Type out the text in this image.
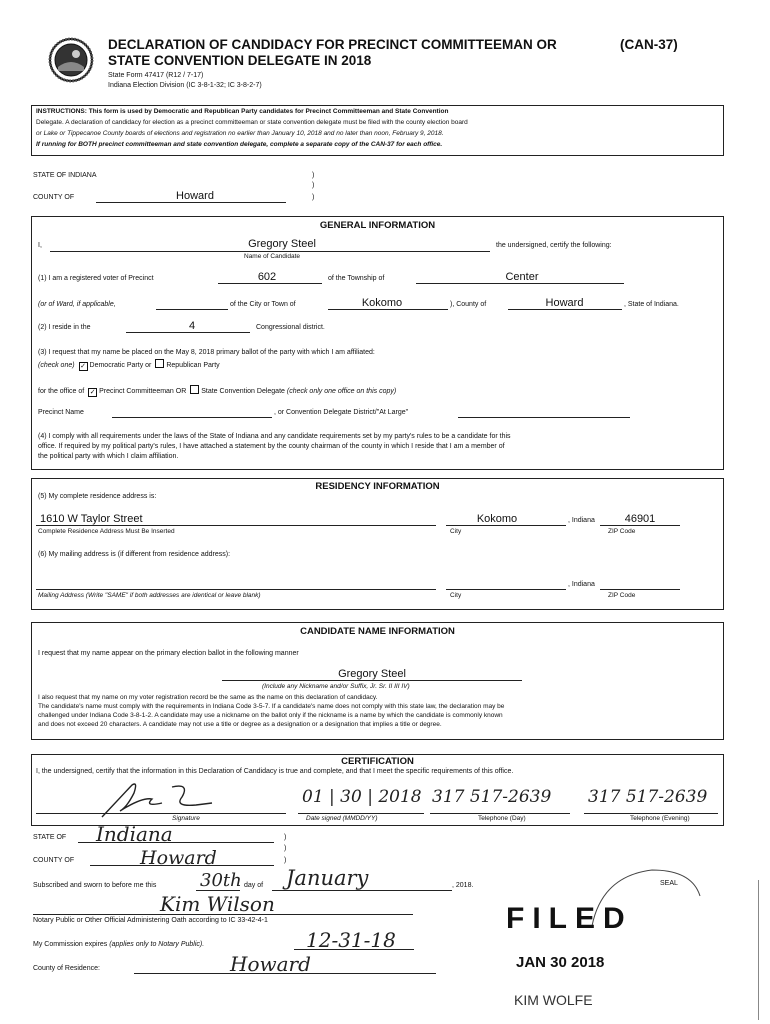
DECLARATION OF CANDIDACY FOR PRECINCT COMMITTEEMAN OR
STATE CONVENTION DELEGATE IN 2018
(CAN-37)
State Form 47417 (R12 / 7-17)
Indiana Election Division (IC 3-8-1-32; IC 3-8-2-7)
INSTRUCTIONS: This form is used by Democratic and Republican Party candidates for Precinct Committeeman and State Convention
Delegate. A declaration of candidacy for election as a precinct committeeman or state convention delegate must be filed with the county election board
or Lake or Tippecanoe County boards of elections and registration no earlier than January 10, 2018 and no later than noon, February 9, 2018.
If running for BOTH precinct committeeman and state convention delegate, complete a separate copy of the CAN-37 for each office.
STATE OF INDIANA	)
)
COUNTY OF	Howard	)
GENERAL INFORMATION
I,	Gregory Steel	the undersigned, certify the following:
Name of Candidate
(1) I am a registered voter of Precinct	602	of the Township of	Center
(or of Ward, if applicable,	of the City or Town of	Kokomo	), County of	Howard	, State of Indiana.
(2) I reside in the	4	Congressional district.
(3) I request that my name be placed on the May 8, 2018 primary ballot of the party with which I am affiliated:
(check one) ✓ Democratic Party or Republican Party
for the office of ✓ Precinct Committeeman OR State Convention Delegate (check only one office on this copy)
Precinct Name	, or Convention Delegate District/"At Large"
(4) I comply with all requirements under the laws of the State of Indiana and any candidate requirements set by my party's rules to be a candidate for this
office. If required by my political party's rules, I have attached a statement by the county chairman of the county in which I reside that I am a member of
the political party with which I claim affiliation.
RESIDENCY INFORMATION
(5) My complete residence address is:
1610 W Taylor Street	Kokomo	, Indiana	46901
Complete Residence Address Must Be Inserted	City	ZIP Code
(6) My mailing address is (if different from residence address):
, Indiana
Mailing Address (Write "SAME" if both addresses are identical or leave blank)	City	ZIP Code
CANDIDATE NAME INFORMATION
I request that my name appear on the primary election ballot in the following manner
Gregory Steel
(Include any Nickname and/or Suffix, Jr. Sr. II III IV)
I also request that my name on my voter registration record be the same as the name on this declaration of candidacy.
The candidate's name must comply with the requirements in Indiana Code 3-5-7. If a candidate's name does not comply with this state law, the declaration may be
challenged under Indiana Code 3-8-1-2. A candidate may use a nickname on the ballot only if the nickname is a name by which the candidate is commonly known
and does not exceed 20 characters. A candidate may not use a title or degree as a designation or a designation that implies a title or degree.
CERTIFICATION
I, the undersigned, certify that the information in this Declaration of Candidacy is true and complete, and that I meet the specific requirements of this office.
Signature
01 | 30 | 2018
Date signed (MMDD/YY)
317 517-2639
Telephone (Day)
317 517-2639
Telephone (Evening)
STATE OF Indiana	)
)
COUNTY OF	Howard	)
Subscribed and sworn to before me this 30th day of January	, 2018.
Kim Wilson
Notary Public or Other Official Administering Oath according to IC 33-42-4-1
My Commission expires (applies only to Notary Public).	12-31-18
County of Residence:	Howard
SEAL
FILED
JAN 30 2018
KIM WOLFE
